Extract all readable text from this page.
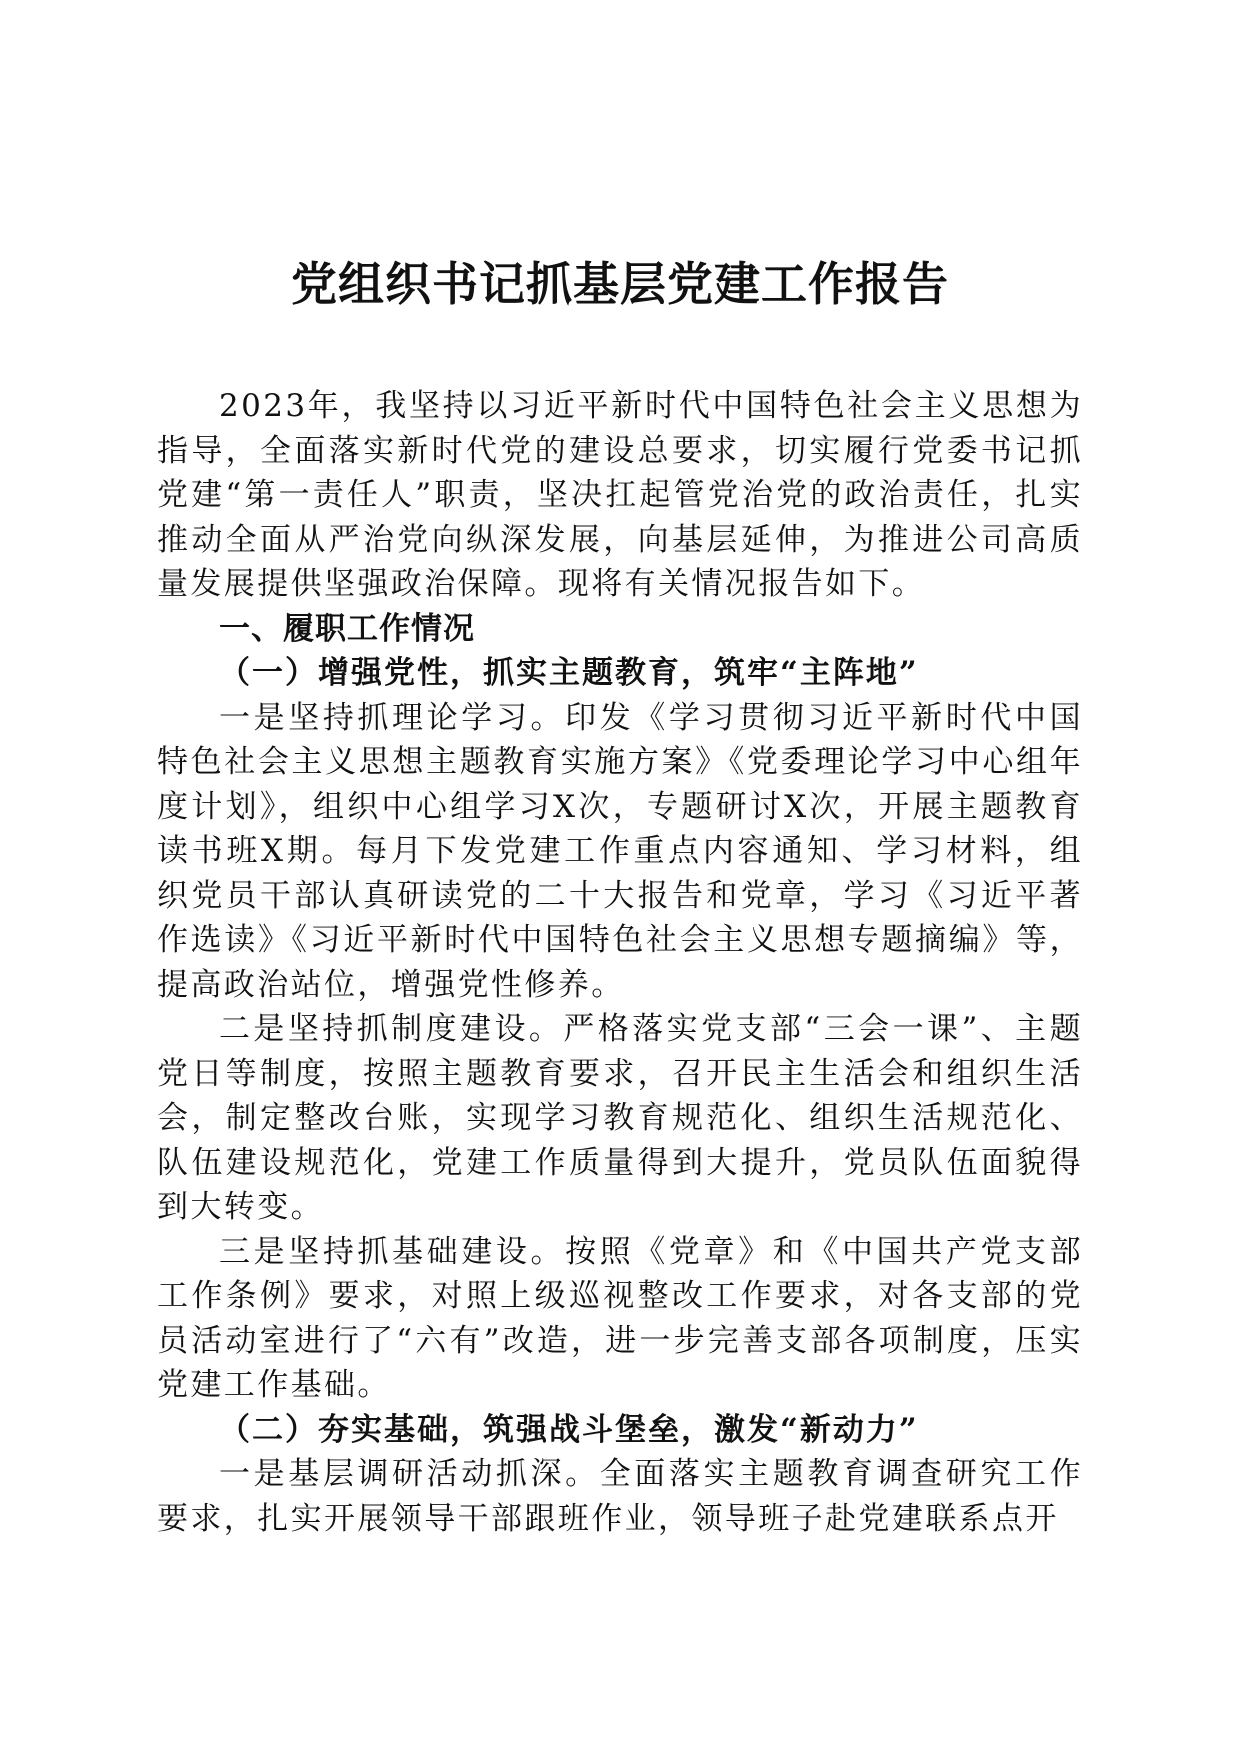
党组织书记抓基层党建工作报告

2023年，我坚持以习近平新时代中国特色社会主义思想为指导，全面落实新时代党的建设总要求，切实履行党委书记抓党建“第一责任人”职责，坚决扛起管党治党的政治责任，扎实推动全面从严治党向纵深发展，向基层延伸，为推进公司高质量发展提供坚强政治保障。现将有关情况报告如下。

一、履职工作情况

（一）增强党性，抓实主题教育，筑牢“主阵地”

一是坚持抓理论学习。印发《学习贯彻习近平新时代中国特色社会主义思想主题教育实施方案》《党委理论学习中心组年度计划》，组织中心组学习X次，专题研讨X次，开展主题教育读书班X期。每月下发党建工作重点内容通知、学习材料，组织党员干部认真研读党的二十大报告和党章，学习《习近平著作选读》《习近平新时代中国特色社会主义思想专题摘编》等，提高政治站位，增强党性修养。

二是坚持抓制度建设。严格落实党支部“三会一课”、主题党日等制度，按照主题教育要求，召开民主生活会和组织生活会，制定整改台账，实现学习教育规范化、组织生活规范化、队伍建设规范化，党建工作质量得到大提升，党员队伍面貌得到大转变。

三是坚持抓基础建设。按照《党章》和《中国共产党支部工作条例》要求，对照上级巡视整改工作要求，对各支部的党员活动室进行了“六有”改造，进一步完善支部各项制度，压实党建工作基础。

（二）夯实基础，筑强战斗堡垒，激发“新动力”

一是基层调研活动抓深。全面落实主题教育调查研究工作要求，扎实开展领导干部跟班作业，领导班子赴党建联系点开
